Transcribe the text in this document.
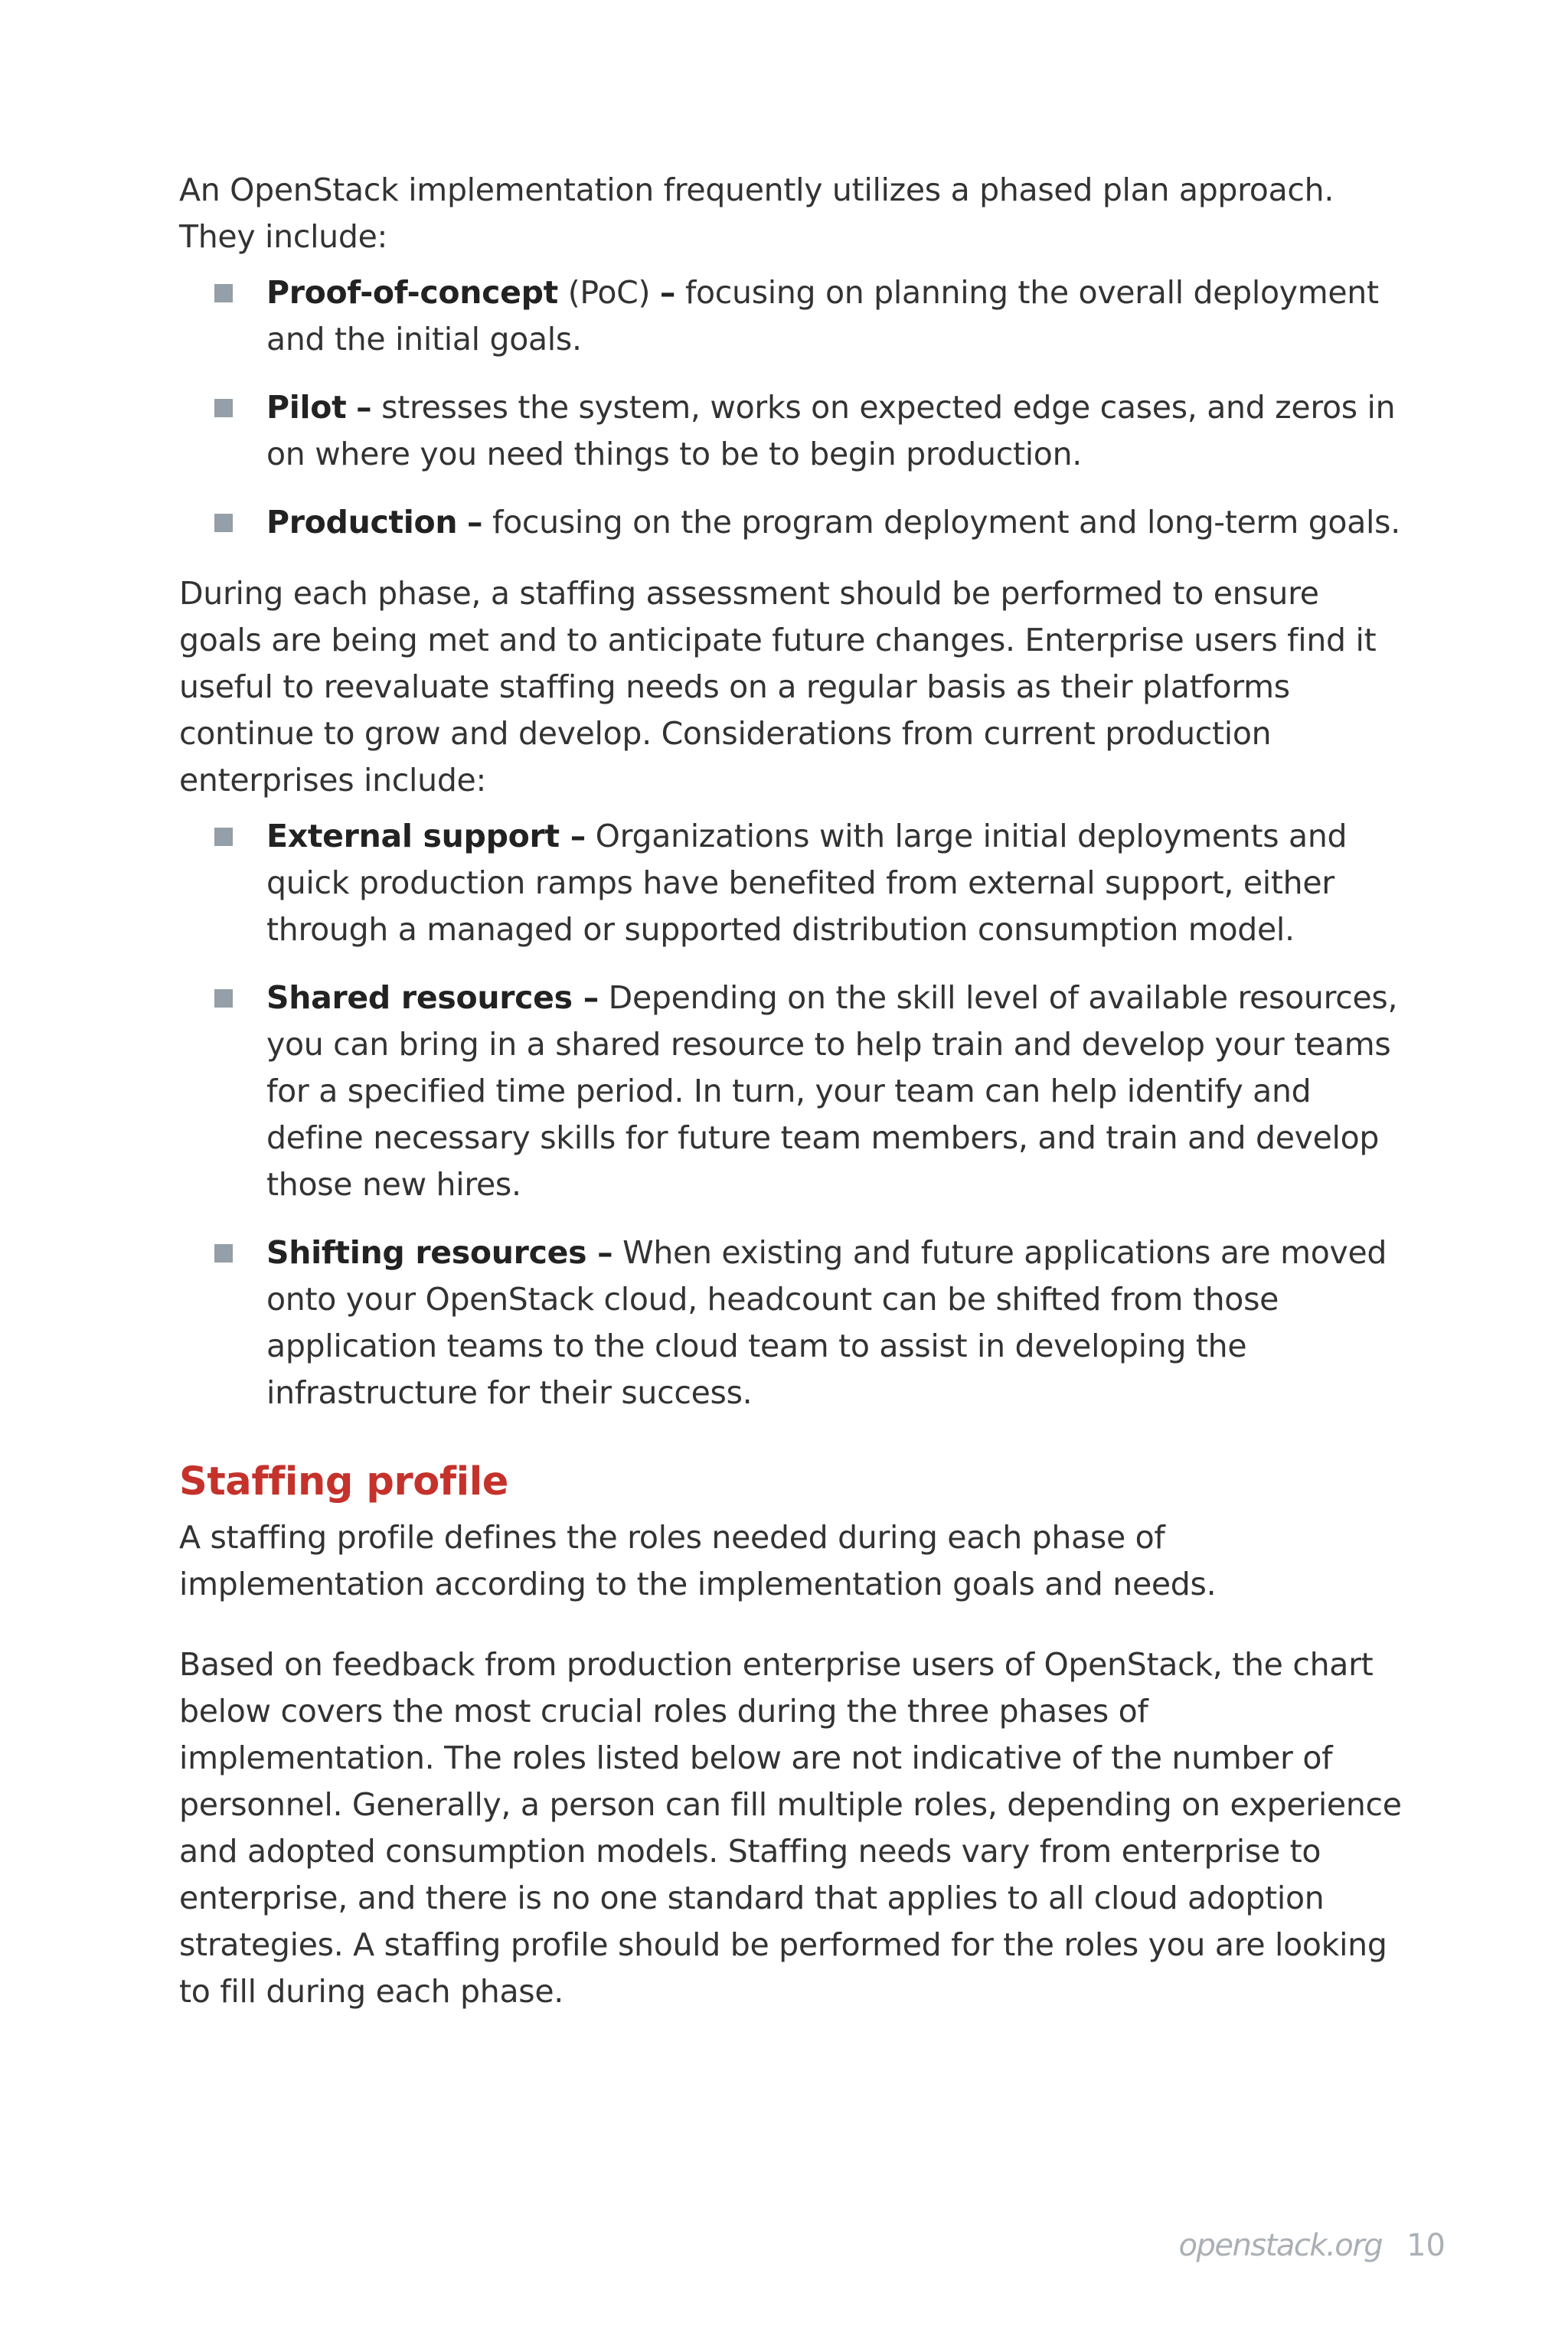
An OpenStack implementation frequently utilizes a phased plan approach. They include:

Proof-of-concept (PoC) – focusing on planning the overall deployment and the initial goals.
Pilot – stresses the system, works on expected edge cases, and zeros in on where you need things to be to begin production.
Production – focusing on the program deployment and long-term goals.

During each phase, a staffing assessment should be performed to ensure goals are being met and to anticipate future changes. Enterprise users find it useful to reevaluate staffing needs on a regular basis as their platforms continue to grow and develop. Considerations from current production enterprises include:

External support – Organizations with large initial deployments and quick production ramps have benefited from external support, either through a managed or supported distribution consumption model.
Shared resources – Depending on the skill level of available resources, you can bring in a shared resource to help train and develop your teams for a specified time period. In turn, your team can help identify and define necessary skills for future team members, and train and develop those new hires.
Shifting resources – When existing and future applications are moved onto your OpenStack cloud, headcount can be shifted from those application teams to the cloud team to assist in developing the infrastructure for their success.
Staffing profile

A staffing profile defines the roles needed during each phase of implementation according to the implementation goals and needs.

Based on feedback from production enterprise users of OpenStack, the chart below covers the most crucial roles during the three phases of implementation. The roles listed below are not indicative of the number of personnel. Generally, a person can fill multiple roles, depending on experience and adopted consumption models. Staffing needs vary from enterprise to enterprise, and there is no one standard that applies to all cloud adoption strategies. A staffing profile should be performed for the roles you are looking to fill during each phase.

openstack.org 10
